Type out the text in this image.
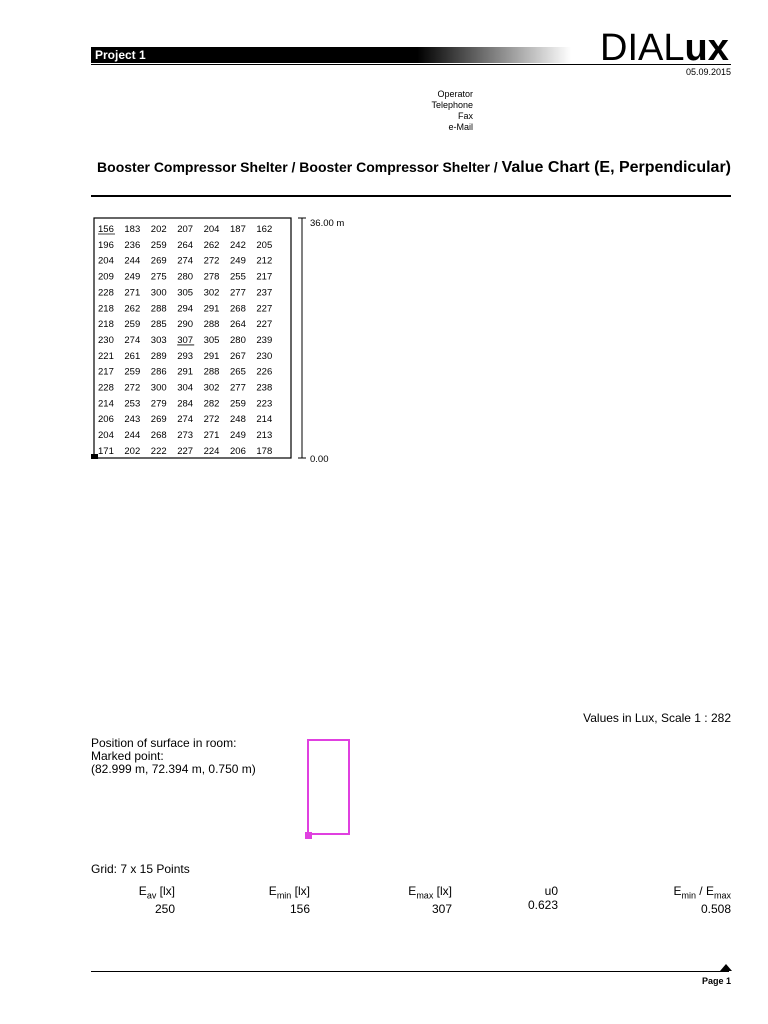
Project 1	DIALux
05.09.2015
Operator
Telephone
Fax
e-Mail
Booster Compressor Shelter / Booster Compressor Shelter / Value Chart (E, Perpendicular)
36.00 m
0.00
156 183 202 207 204 187 162
196 236 259 264 262 242 205
204 244 269 274 272 249 212
209 249 275 280 278 255 217
228 271 300 305 302 277 237
218 262 288 294 291 268 227
218 259 285 290 288 264 227
230 274 303 307 305 280 239
221 261 289 293 291 267 230
217 259 286 291 288 265 226
228 272 300 304 302 277 238
214 253 279 284 282 259 223
206 243 269 274 272 248 214
204 244 268 273 271 249 213
171 202 222 227 224 206 178
Values in Lux, Scale 1 : 282
Position of surface in room:
Marked point:
(82.999 m, 72.394 m, 0.750 m)
Grid: 7 x 15 Points
$E_{av}$ [lx]
250
$E_{min}$ [lx]
156
$E_{max}$ [lx]
307
u0
0.623
$E_{min} / E_{max}$
0.508
Page 1
